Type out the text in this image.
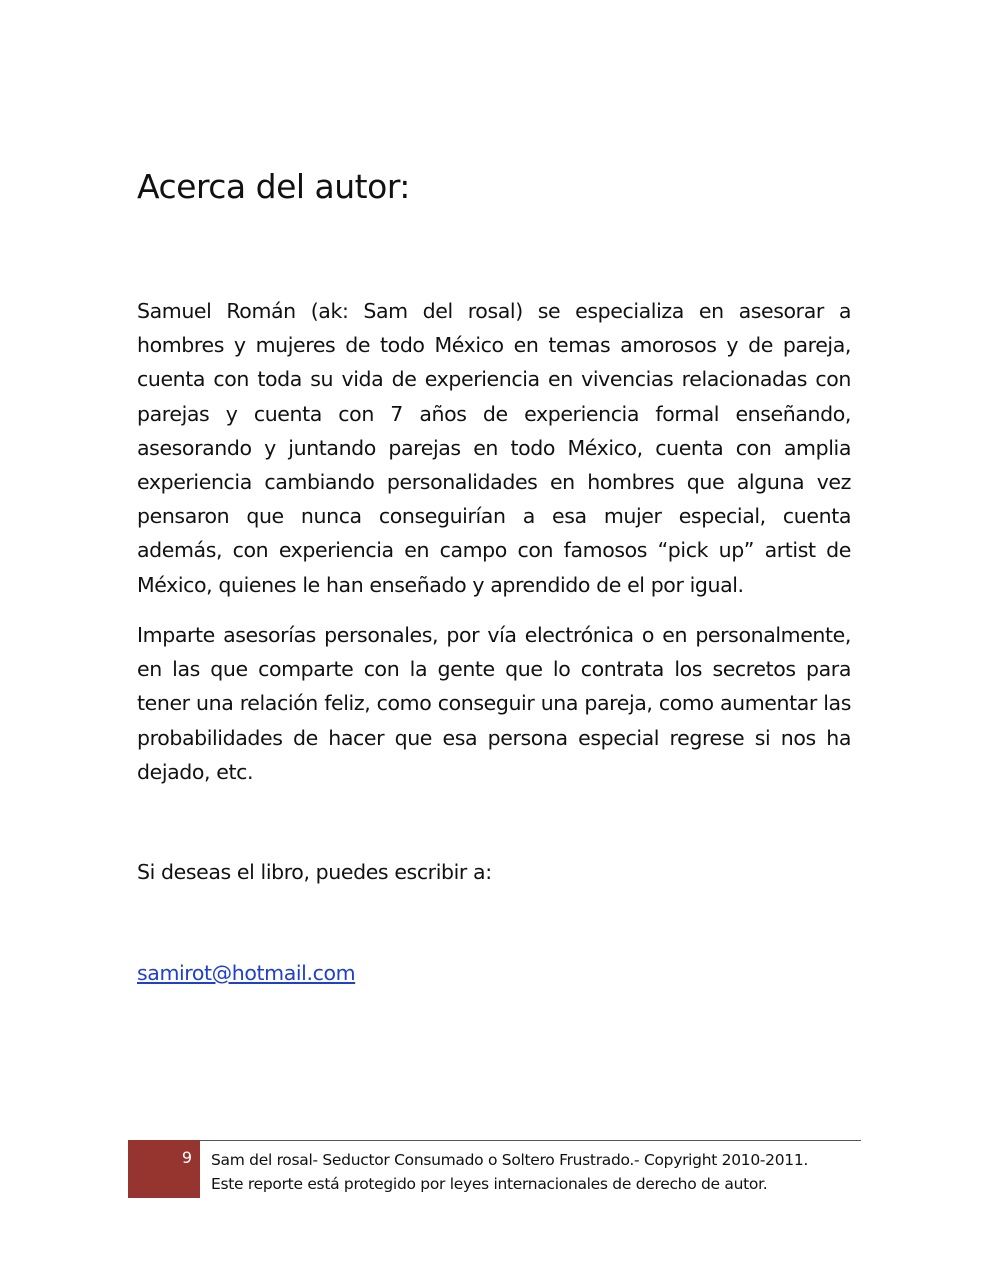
Acerca del autor:

Samuel Román (ak: Sam del rosal) se especializa en asesorar a hombres y mujeres de todo México en temas amorosos y de pareja, cuenta con toda su vida de experiencia en vivencias relacionadas con parejas y cuenta con 7 años de experiencia formal enseñando, asesorando y juntando parejas en todo México, cuenta con amplia experiencia cambiando personalidades en hombres que alguna vez pensaron que nunca conseguirían a esa mujer especial, cuenta además, con experiencia en campo con famosos “pick up” artist de México, quienes le han enseñado y aprendido de el por igual.

Imparte asesorías personales, por vía electrónica o en personalmente, en las que comparte con la gente que lo contrata los secretos para tener una relación feliz, como conseguir una pareja, como aumentar las probabilidades de hacer que esa persona especial regrese si nos ha dejado, etc.

Si deseas el libro, puedes escribir a:

samirot@hotmail.com
9	Sam del rosal- Seductor Consumado o Soltero Frustrado.- Copyright 2010-2011.
Este reporte está protegido por leyes internacionales de derecho de autor.
